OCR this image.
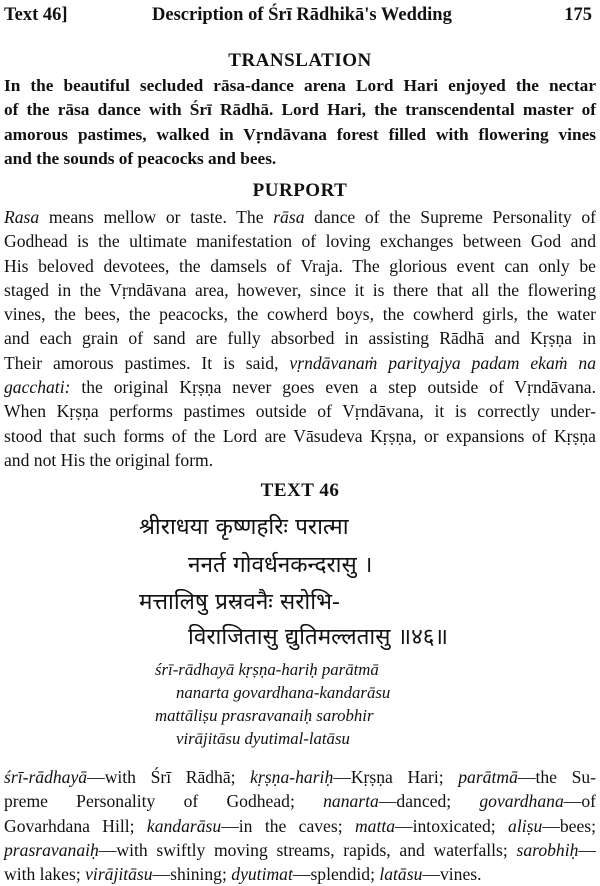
Text 46]	Description of Śrī Rādhikā's Wedding	175
TRANSLATION
In the beautiful secluded rāsa-dance arena Lord Hari enjoyed the nectar
of the rāsa dance with Śrī Rādhā. Lord Hari, the transcendental master of
amorous pastimes, walked in Vṛndāvana forest filled with flowering vines
and the sounds of peacocks and bees.
PURPORT
Rasa means mellow or taste. The rāsa dance of the Supreme Personality of
Godhead is the ultimate manifestation of loving exchanges between God and
His beloved devotees, the damsels of Vraja. The glorious event can only be
staged in the Vṛndāvana area, however, since it is there that all the flowering
vines, the bees, the peacocks, the cowherd boys, the cowherd girls, the water
and each grain of sand are fully absorbed in assisting Rādhā and Kṛṣṇa in
Their amorous pastimes. It is said, vṛndāvanaṁ parityajya padam ekaṁ na
gacchati: the original Kṛṣṇa never goes even a step outside of Vṛndāvana.
When Kṛṣṇa performs pastimes outside of Vṛndāvana, it is correctly under-
stood that such forms of the Lord are Vāsudeva Kṛṣṇa, or expansions of Kṛṣṇa
and not His the original form.
TEXT 46
श्रीराधया कृष्णहरिः परात्मा
ननर्त गोवर्धनकन्दरासु ।
मत्तालिषु प्रस्रवनैः सरोभि-
विराजितासु द्युतिमल्लतासु ॥४६॥
śrī-rādhayā kṛṣṇa-hariḥ parātmā
nanarta govardhana-kandarāsu
mattāliṣu prasravanaiḥ sarobhir
virājitāsu dyutimal-latāsu
śrī-rādhayā—with Śrī Rādhā; kṛṣṇa-hariḥ—Kṛṣṇa Hari; parātmā—the Su-
preme Personality of Godhead; nanarta—danced; govardhana—of
Govarhdana Hill; kandarāsu—in the caves; matta—intoxicated; aliṣu—bees;
prasravanaiḥ—with swiftly moving streams, rapids, and waterfalls; sarobhiḥ—
with lakes; virājitāsu—shining; dyutimat—splendid; latāsu—vines.
